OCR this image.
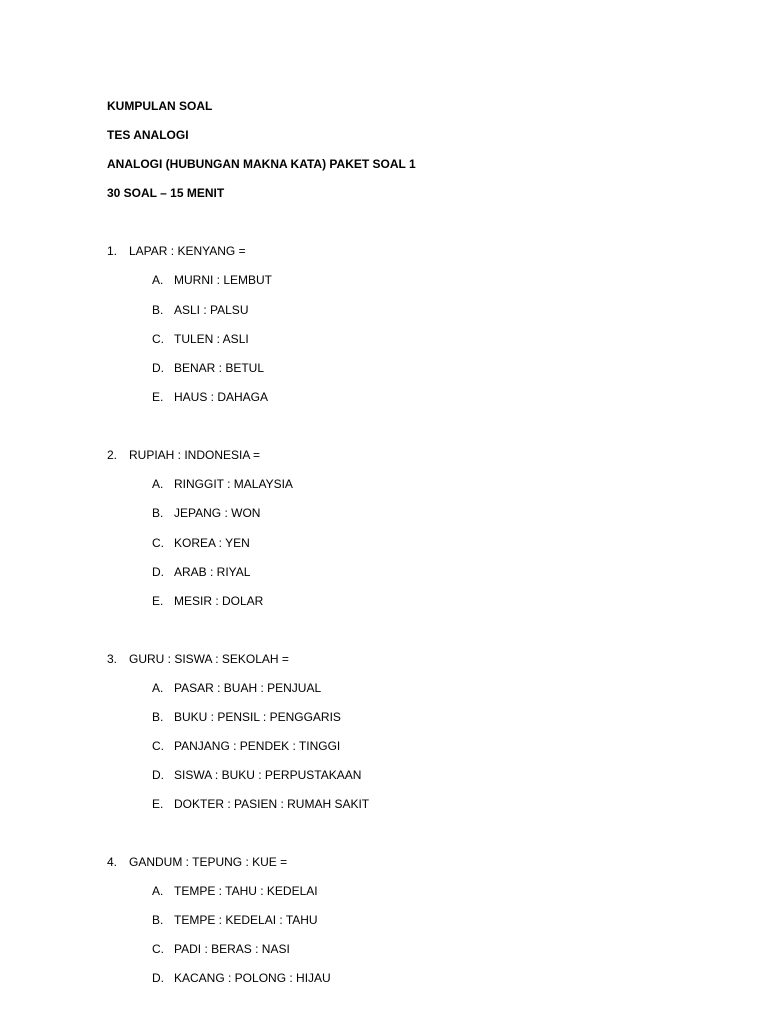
KUMPULAN SOAL
TES ANALOGI
ANALOGI (HUBUNGAN MAKNA KATA) PAKET SOAL 1
30 SOAL – 15 MENIT
1. LAPAR : KENYANG =
A. MURNI : LEMBUT
B. ASLI : PALSU
C. TULEN : ASLI
D. BENAR : BETUL
E. HAUS : DAHAGA
2. RUPIAH : INDONESIA =
A. RINGGIT : MALAYSIA
B. JEPANG : WON
C. KOREA : YEN
D. ARAB : RIYAL
E. MESIR : DOLAR
3. GURU : SISWA : SEKOLAH =
A. PASAR : BUAH : PENJUAL
B. BUKU : PENSIL : PENGGARIS
C. PANJANG : PENDEK : TINGGI
D. SISWA : BUKU : PERPUSTAKAAN
E. DOKTER : PASIEN : RUMAH SAKIT
4. GANDUM : TEPUNG : KUE =
A. TEMPE : TAHU : KEDELAI
B. TEMPE : KEDELAI : TAHU
C. PADI : BERAS : NASI
D. KACANG : POLONG : HIJAU
